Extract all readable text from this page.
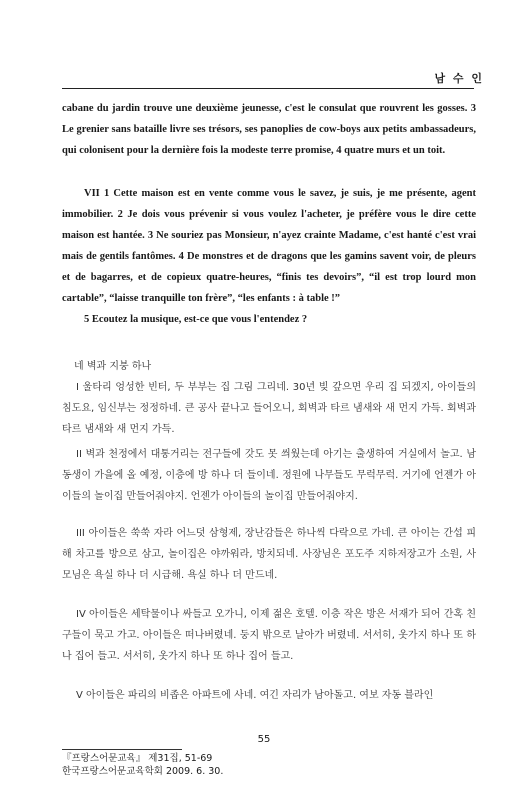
남 수 인

cabane du jardin trouve une deuxième jeunesse, c'est le consulat que rouvrent les gosses. 3 Le grenier sans bataille livre ses trésors, ses panoplies de cow-boys aux petits ambassadeurs, qui colonisent pour la dernière fois la modeste terre promise, 4 quatre murs et un toit.

VII 1 Cette maison est en vente comme vous le savez, je suis, je me présente, agent immobilier. 2 Je dois vous prévenir si vous voulez l'acheter, je préfère vous le dire cette maison est hantée. 3 Ne souriez pas Monsieur, n'ayez crainte Madame, c'est hanté c'est vrai mais de gentils fantômes. 4 De monstres et de dragons que les gamins savent voir, de pleurs et de bagarres, et de copieux quatre-heures, “finis tes devoirs”, “il est trop lourd mon cartable”, “laisse tranquille ton frère”, “les enfants : à table !”

5 Ecoutez la musique, est-ce que vous l'entendez ?

네 벽과 지붕 하나

I 울타리 엉성한 빈터, 두 부부는 집 그림 그리네. 30년 빚 갚으면 우리 집 되겠지, 아이들의 침도요, 임신부는 정정하네. 큰 공사 끝나고 들어오니, 회벽과 타르 냄새와 새 먼지 가득. 회벽과 타르 냄새와 새 먼지 가득.

II 벽과 천정에서 대통거리는 전구들에 갓도 못 씌웠는데 아기는 출생하여 거실에서 놀고. 남동생이 가을에 올 예정, 이층에 방 하나 더 들이네. 정원에 나무들도 무럭무럭. 거기에 언젠가 아이들의 놀이집 만들어줘야지. 언젠가 아이들의 놀이집 만들어줘야지.

III 아이들은 쑥쑥 자라 어느덧 삼형제, 장난감들은 하나씩 다락으로 가네. 큰 아이는 간섭 피해 차고를 방으로 삼고, 놀이집은 야까워라, 방치되네. 사장님은 포도주 지하저장고가 소원, 사모님은 욕실 하나 더 시급해. 욕실 하나 더 만드네.

IV 아이들은 세탁물이나 싸들고 오가니, 이제 젊은 호텔. 이층 작은 방은 서재가 되어 간혹 친구들이 묵고 가고. 아이들은 떠나버렸네. 둥지 밖으로 날아가 버렸네. 서서히, 옷가지 하나 또 하나 집어 들고. 서서히, 옷가지 하나 또 하나 집어 들고.

V 아이들은 파리의 비좁은 아파트에 사네. 여긴 자리가 남아돌고. 여보 자동 블라인

55
『프랑스어문교육』 제31집, 51-69
한국프랑스어문교육학회 2009. 6. 30.
